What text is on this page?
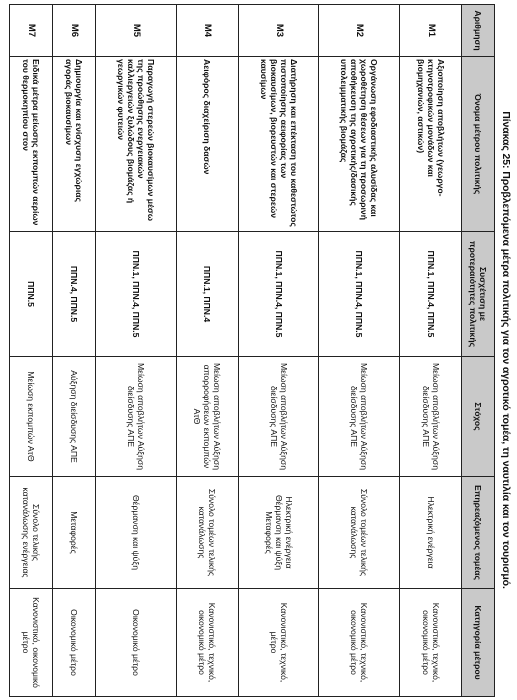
Πίνακας 25: Προβλεπόμενα μέτρα πολιτικής για τον αγροτικό τομέα, τη ναυτιλία και τον τουρισμό.
Αριθμηση	Όνομα μέτρου πολιτικής	Συσχέτιση με προτεραιότητες πολιτικής	Στόχος	Επηρεαζόμενος τομέας	Κατηγορία μέτρου
Μ1	Αξιοποίηση αποβλήτων (γεωργο-κτηνοτροφικών μονάδων και βιομηχανιών, αστικών)	ΠΠΝ.1, ΠΠΝ.4, ΠΠΝ.5	Μείωση αποβλήτων Αύξηση διείσδυσης ΑΠΕ	Ηλεκτρική ενέργεια	Κανονιστικό, τεχνικό, οικονομικό μέτρο
Μ2	Οργάνωση εφοδιαστικής αλυσίδας και χωροθέτηση θέσεων για τη προσωρινή αποθήκευση της αγροτικής/δασικής υπολειμματικής βιομάζας	ΠΠΝ.1, ΠΠΝ.4, ΠΠΝ.5	Μείωση αποβλήτων Αύξηση διείσδυσης ΑΠΕ	Σύνολο τομέων τελικής κατανάλωσης	Κανονιστικό, τεχνικό, οικονομικό μέτρο
Μ3	Διατήρηση και επέκταση του καθεστώτος πιστοποίησης αειφορίας των βιοκαυσίμων, βιορευστών και στερεών καυσίμων	ΠΠΝ.1, ΠΠΝ.4, ΠΠΝ.5	Μείωση αποβλήτων Αύξηση διείσδυσης ΑΠΕ	Ηλεκτρική ενέργεια Θέρμανση και ψύξη Μεταφορές	Κανονιστικό, τεχνικό, μέτρο
Μ4	Αειφόρος διαχείριση δασών	ΠΠΝ.1, ΠΠΝ.4	Μείωση αποβλήτων Αύξηση απορροφήσεων εκπομπών ΑτΘ	Σύνολο τομέων τελικής κατανάλωσης	Κανονιστικό, τεχνικό, οικονομικό μέτρο
Μ5	Παραγωγή στερεών βιοκαυσίμων μέσω της προώθησης ενεργειακών καλλιεργειών ξυλώδους βιομάζας ή γεωργικών φυτειών	ΠΠΝ.1, ΠΠΝ.4, ΠΠΝ.5	Μείωση αποβλήτων Αύξηση διείσδυσης ΑΠΕ	Θέρμανση και ψύξη	Οικονομικό μέτρο
Μ6	Δημιουργία και ενίσχυση εγχώριας αγοράς βιοκαυσίμων	ΠΠΝ.4, ΠΠΝ.5	Αύξηση διείσδυσης ΑΠΕ	Μεταφορές	Οικονομικό μέτρο
Μ7	Ειδικά μέτρα μείωσης εκπομπών αερίων του θερμοκηπίου στον	ΠΠΝ.5	Μείωση εκπομπών ΑτΘ	Σύνολο τελικής κατανάλωσης ενέργειας	Κανονιστικό, οικονομικό μέτρο
